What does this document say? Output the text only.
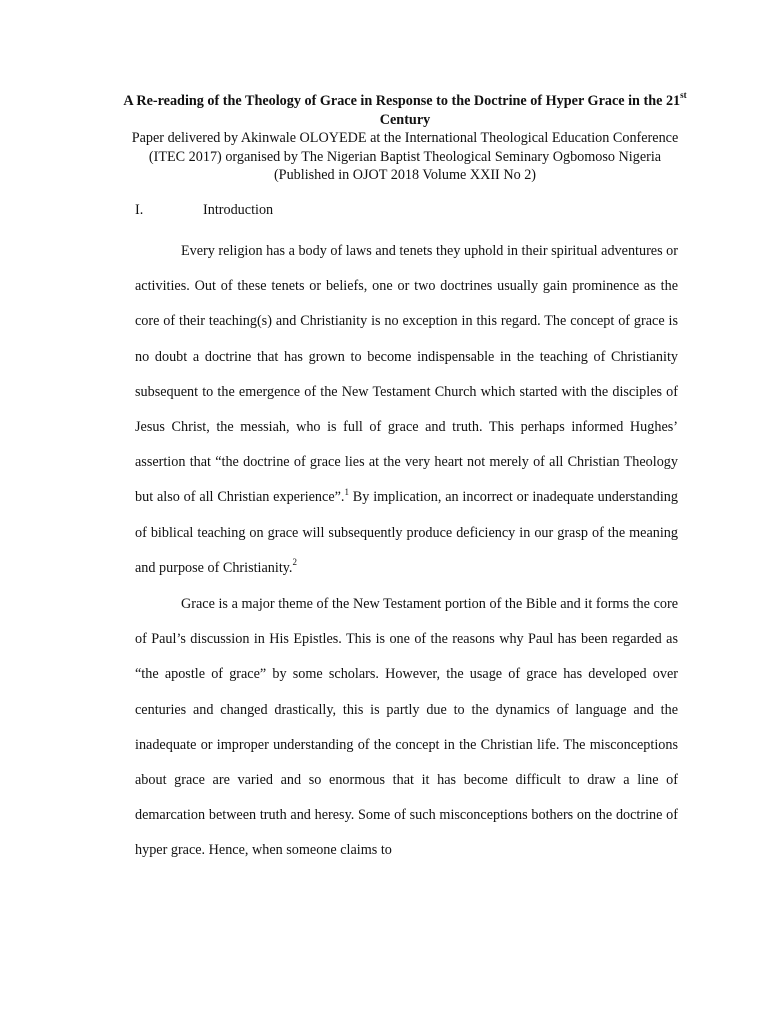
A Re-reading of the Theology of Grace in Response to the Doctrine of Hyper Grace in the 21st Century

Paper delivered by Akinwale OLOYEDE at the International Theological Education Conference (ITEC 2017) organised by The Nigerian Baptist Theological Seminary Ogbomoso Nigeria (Published in OJOT 2018 Volume XXII No 2)

I.	Introduction

Every religion has a body of laws and tenets they uphold in their spiritual adventures or activities. Out of these tenets or beliefs, one or two doctrines usually gain prominence as the core of their teaching(s) and Christianity is no exception in this regard. The concept of grace is no doubt a doctrine that has grown to become indispensable in the teaching of Christianity subsequent to the emergence of the New Testament Church which started with the disciples of Jesus Christ, the messiah, who is full of grace and truth. This perhaps informed Hughes’ assertion that “the doctrine of grace lies at the very heart not merely of all Christian Theology but also of all Christian experience”.$^1$ By implication, an incorrect or inadequate understanding of biblical teaching on grace will subsequently produce deficiency in our grasp of the meaning and purpose of Christianity.$^2$

Grace is a major theme of the New Testament portion of the Bible and it forms the core of Paul’s discussion in His Epistles. This is one of the reasons why Paul has been regarded as “the apostle of grace” by some scholars. However, the usage of grace has developed over centuries and changed drastically, this is partly due to the dynamics of language and the inadequate or improper understanding of the concept in the Christian life. The misconceptions about grace are varied and so enormous that it has become difficult to draw a line of demarcation between truth and heresy. Some of such misconceptions bothers on the doctrine of hyper grace. Hence, when someone claims to
